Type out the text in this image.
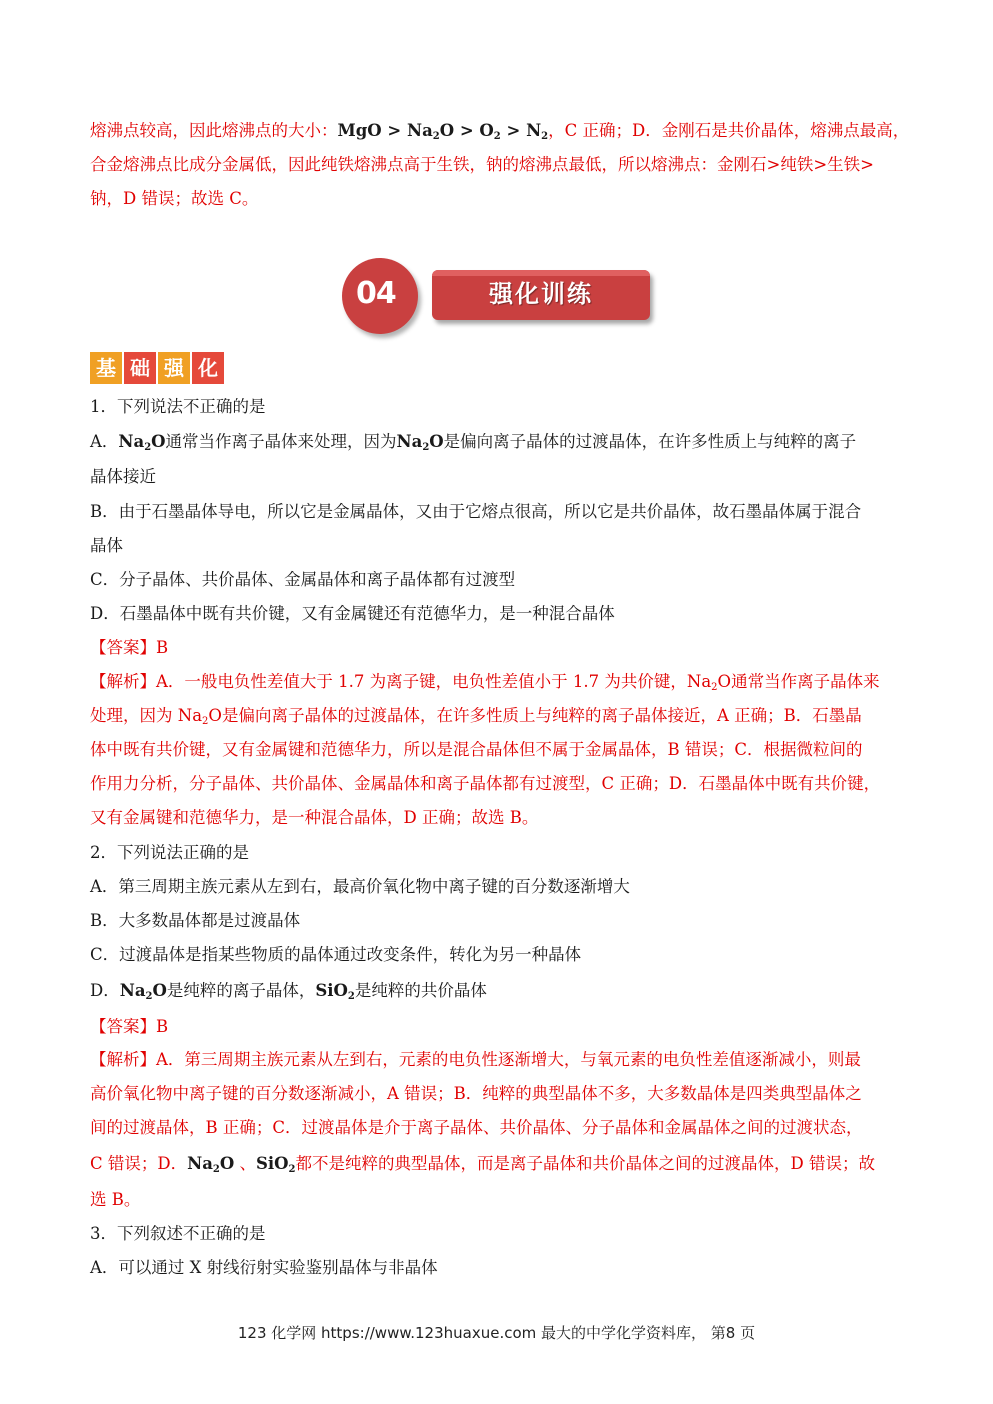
熔沸点较高，因此熔沸点的大小：MgO > $Na_2O > O_2 > N_2$，C 正确；D．金刚石是共价晶体，熔沸点最高，
合金熔沸点比成分金属低，因此纯铁熔沸点高于生铁，钠的熔沸点最低，所以熔沸点：金刚石>纯铁>生铁>
钠，D 错误；故选 C。
04	强化训练
基 础 强 化
1．下列说法不正确的是
A．$Na_2O$通常当作离子晶体来处理，因为$Na_2O$是偏向离子晶体的过渡晶体，在许多性质上与纯粹的离子
晶体接近
B．由于石墨晶体导电，所以它是金属晶体，又由于它熔点很高，所以它是共价晶体，故石墨晶体属于混合
晶体
C．分子晶体、共价晶体、金属晶体和离子晶体都有过渡型
D．石墨晶体中既有共价键，又有金属键还有范德华力，是一种混合晶体
【答案】B
【解析】A．一般电负性差值大于 1.7 为离子键，电负性差值小于 1.7 为共价键，$Na_2O$通常当作离子晶体来
处理，因为 $Na_2O$是偏向离子晶体的过渡晶体，在许多性质上与纯粹的离子晶体接近，A 正确；B．石墨晶
体中既有共价键，又有金属键和范德华力，所以是混合晶体但不属于金属晶体，B 错误；C．根据微粒间的
作用力分析，分子晶体、共价晶体、金属晶体和离子晶体都有过渡型，C 正确；D．石墨晶体中既有共价键，
又有金属键和范德华力，是一种混合晶体，D 正确；故选 B。
2．下列说法正确的是
A．第三周期主族元素从左到右，最高价氧化物中离子键的百分数逐渐增大
B．大多数晶体都是过渡晶体
C．过渡晶体是指某些物质的晶体通过改变条件，转化为另一种晶体
D．$Na_2O$是纯粹的离子晶体，SiO$_2$是纯粹的共价晶体
【答案】B
【解析】A．第三周期主族元素从左到右，元素的电负性逐渐增大，与氧元素的电负性差值逐渐减小，则最
高价氧化物中离子键的百分数逐渐减小，A 错误；B．纯粹的典型晶体不多，大多数晶体是四类典型晶体之
间的过渡晶体，B 正确；C．过渡晶体是介于离子晶体、共价晶体、分子晶体和金属晶体之间的过渡状态，
C 错误；D．$Na_2O$ 、SiO$_2$都不是纯粹的典型晶体，而是离子晶体和共价晶体之间的过渡晶体，D 错误；故
选 B。
3．下列叙述不正确的是
A．可以通过 X 射线衍射实验鉴别晶体与非晶体
123 化学网 https://www.123huaxue.com 最大的中学化学资料库， 第8 页
